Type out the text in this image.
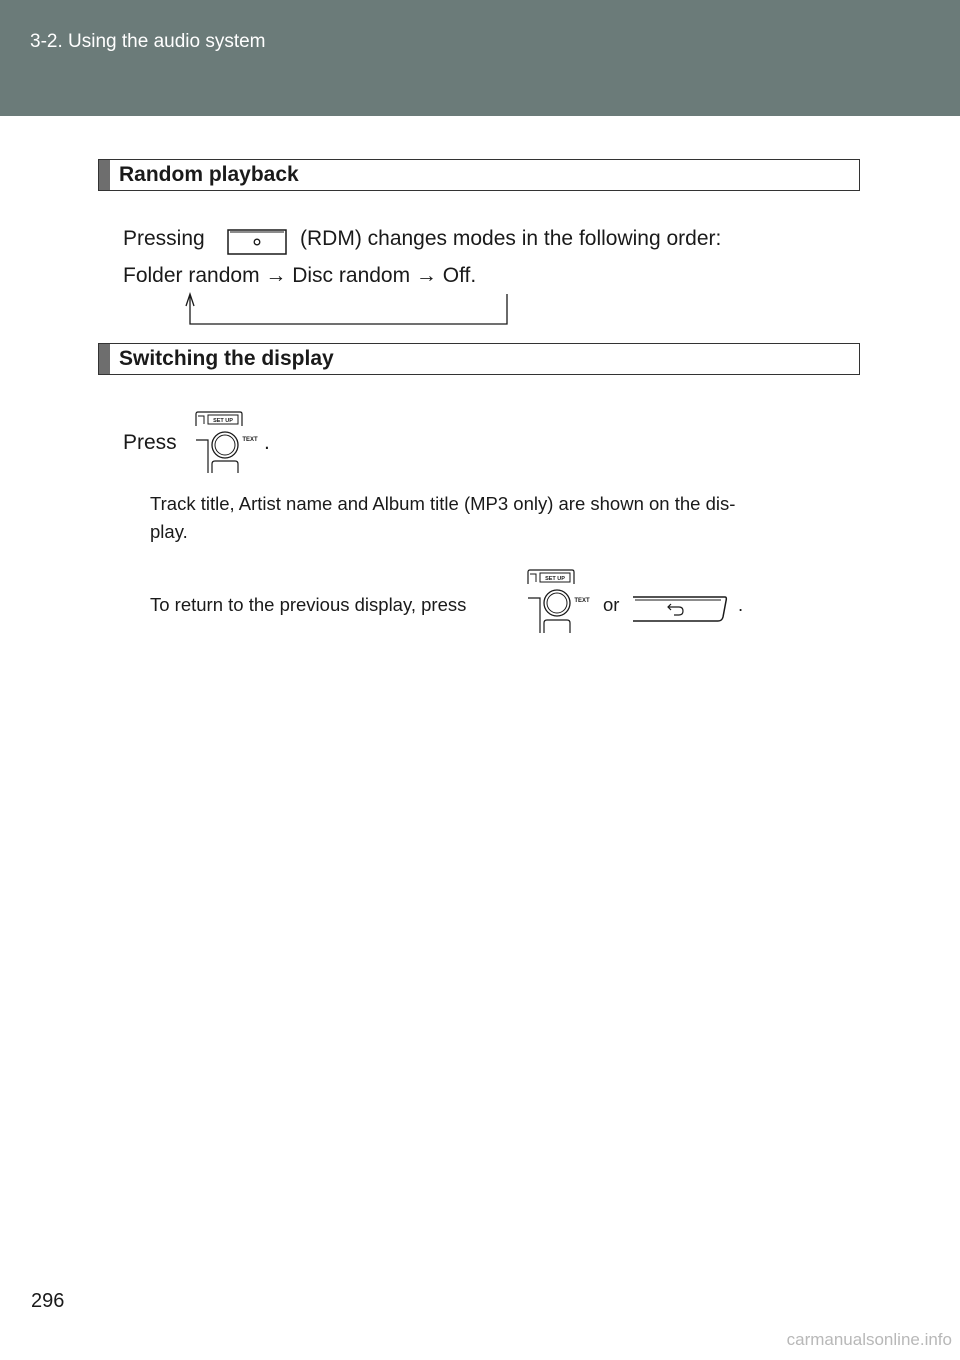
3-2. Using the audio system
Random playback
Pressing	(RDM) changes modes in the following order:
Folder random → Disc random → Off.
Switching the display
Press
SET UP
TEXT .
Track title, Artist name and Album title (MP3 only) are shown on the dis-
play.
To return to the previous display, press
SET UP
TEXT or	.
296
carmanualsonline.info
